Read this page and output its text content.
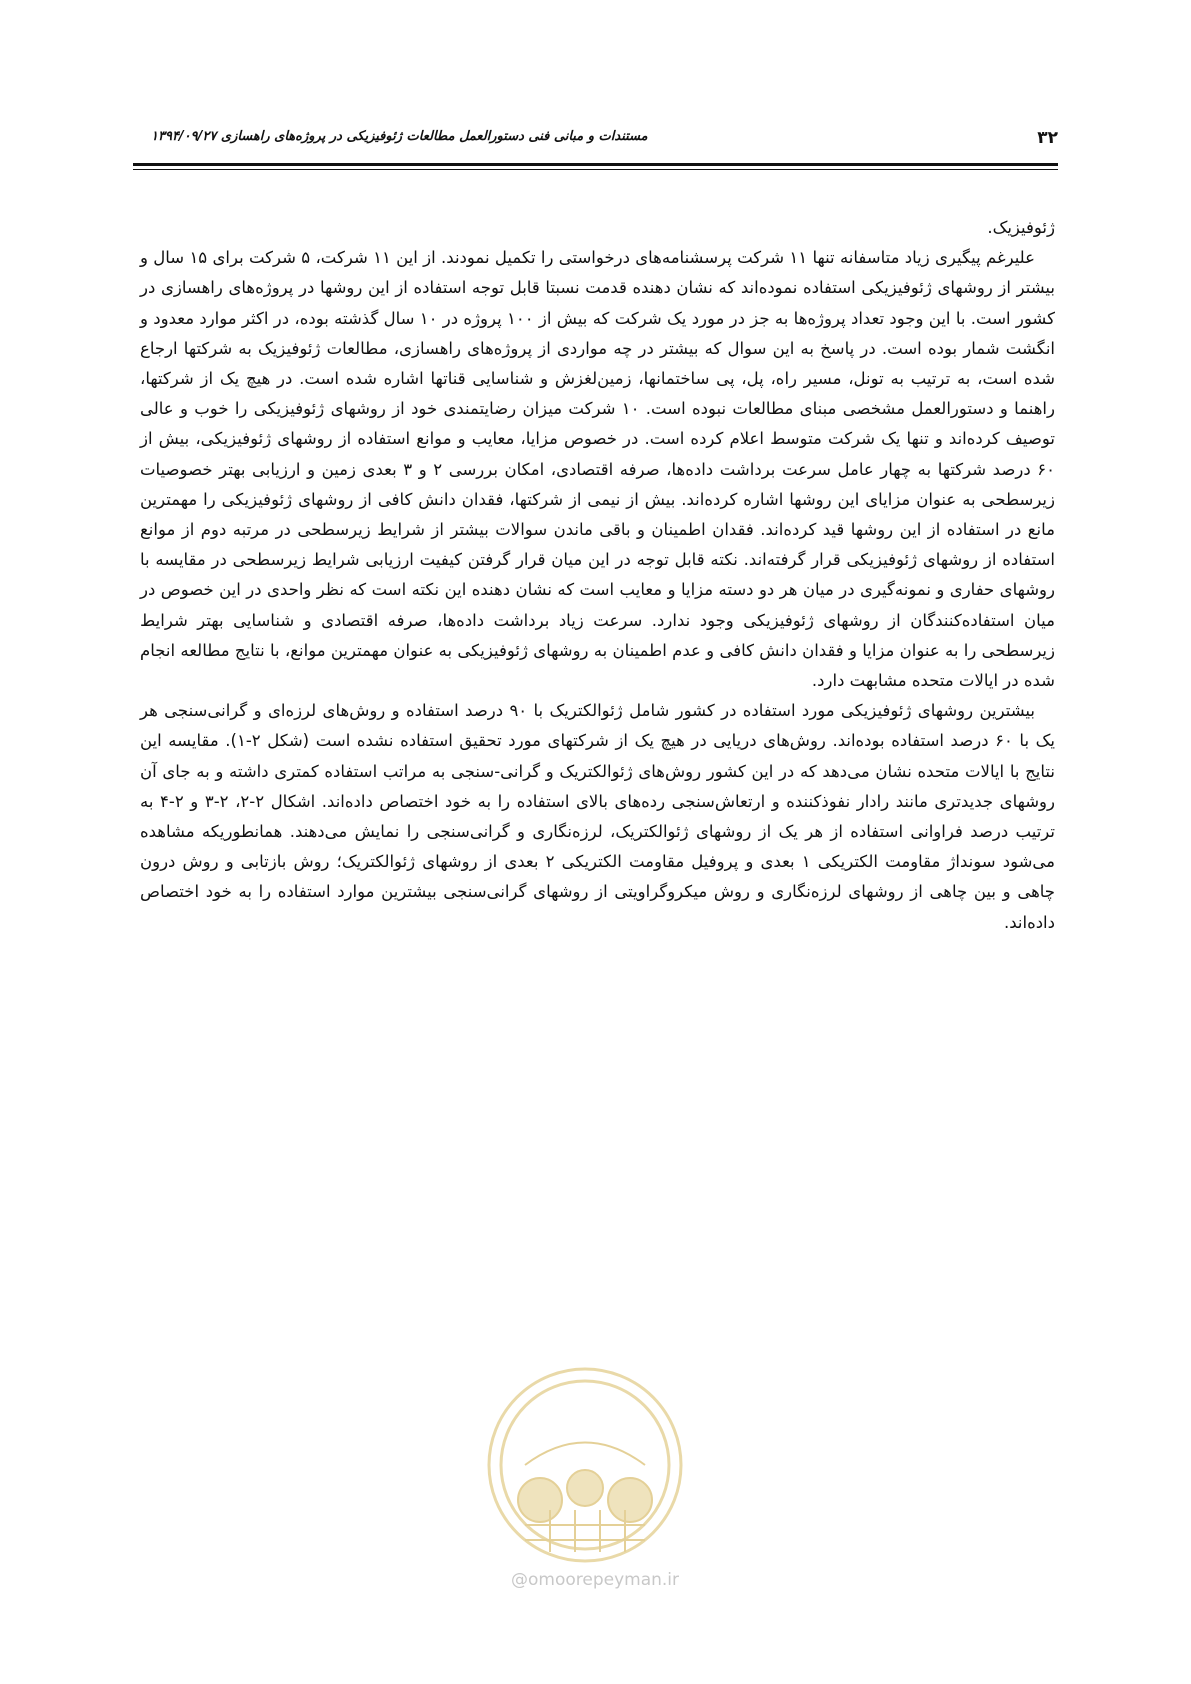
۳۲
مستندات و مبانی فنی دستورالعمل مطالعات ژئوفیزیکی در پروژه‌های راهسازی ۱۳۹۴/۰۹/۲۷

ژئوفیزیک.

علیرغم پیگیری زیاد متاسفانه تنها ۱۱ شرکت پرسشنامه‌های درخواستی را تکمیل نمودند. از این ۱۱ شرکت، ۵ شرکت برای ۱۵ سال و بیشتر از روشهای ژئوفیزیکی استفاده نموده‌اند که نشان دهنده قدمت نسبتا قابل توجه استفاده از این روشها در پروژه‌های راهسازی در کشور است. با این وجود تعداد پروژه‌ها به جز در مورد یک شرکت که بیش از ۱۰۰ پروژه در ۱۰ سال گذشته بوده، در اکثر موارد معدود و انگشت شمار بوده است. در پاسخ به این سوال که بیشتر در چه مواردی از پروژه‌های راهسازی، مطالعات ژئوفیزیک به شرکتها ارجاع شده است، به ترتیب به تونل، مسیر راه، پل، پی ساختمانها، زمین‌لغزش و شناسایی قناتها اشاره شده است. در هیچ یک از شرکتها، راهنما و دستورالعمل مشخصی مبنای مطالعات نبوده است. ۱۰ شرکت میزان رضایتمندی خود از روشهای ژئوفیزیکی را خوب و عالی توصیف کرده‌اند و تنها یک شرکت متوسط اعلام کرده است. در خصوص مزایا، معایب و موانع استفاده از روشهای ژئوفیزیکی، بیش از ۶۰ درصد شرکتها به چهار عامل سرعت برداشت داده‌ها، صرفه اقتصادی، امکان بررسی ۲ و ۳ بعدی زمین و ارزیابی بهتر خصوصیات زیرسطحی به عنوان مزایای این روشها اشاره کرده‌اند. بیش از نیمی از شرکتها، فقدان دانش کافی از روشهای ژئوفیزیکی را مهمترین مانع در استفاده از این روشها قید کرده‌اند. فقدان اطمینان و باقی ماندن سوالات بیشتر از شرایط زیرسطحی در مرتبه دوم از موانع استفاده از روشهای ژئوفیزیکی قرار گرفته‌اند. نکته قابل توجه در این میان قرار گرفتن کیفیت ارزیابی شرایط زیرسطحی در مقایسه با روشهای حفاری و نمونه‌گیری در میان هر دو دسته مزایا و معایب است که نشان دهنده این نکته است که نظر واحدی در این خصوص در میان استفاده‌کنندگان از روشهای ژئوفیزیکی وجود ندارد. سرعت زیاد برداشت داده‌ها، صرفه اقتصادی و شناسایی بهتر شرایط زیرسطحی را به عنوان مزایا و فقدان دانش کافی و عدم اطمینان به روشهای ژئوفیزیکی به عنوان مهمترین موانع، با نتایج مطالعه انجام شده در ایالات متحده مشابهت دارد.

بیشترین روشهای ژئوفیزیکی مورد استفاده در کشور شامل ژئوالکتریک با ۹۰ درصد استفاده و روش‌های لرزه‌ای و گرانی‌سنجی هر یک با ۶۰ درصد استفاده بوده‌اند. روش‌های دریایی در هیچ یک از شرکتهای مورد تحقیق استفاده نشده است (شکل ۲-۱). مقایسه این نتایج با ایالات متحده نشان می‌دهد که در این کشور روش‌های ژئوالکتریک و گرانی-سنجی به مراتب استفاده کمتری داشته و به جای آن روشهای جدیدتری مانند رادار نفوذکننده و ارتعاش‌سنجی رده‌های بالای استفاده را به خود اختصاص داده‌اند. اشکال ۲-۲، ۲-۳ و ۲-۴ به ترتیب درصد فراوانی استفاده از هر یک از روشهای ژئوالکتریک، لرزه‌نگاری و گرانی‌سنجی را نمایش می‌دهند. همانطوریکه مشاهده می‌شود سونداژ مقاومت الکتریکی ۱ بعدی و پروفیل مقاومت الکتریکی ۲ بعدی از روشهای ژئوالکتریک؛ روش بازتابی و روش درون چاهی و بین چاهی از روشهای لرزه‌نگاری و روش میکروگراویتی از روشهای گرانی‌سنجی بیشترین موارد استفاده را به خود اختصاص داده‌اند.

@omoorepeyman.ir
